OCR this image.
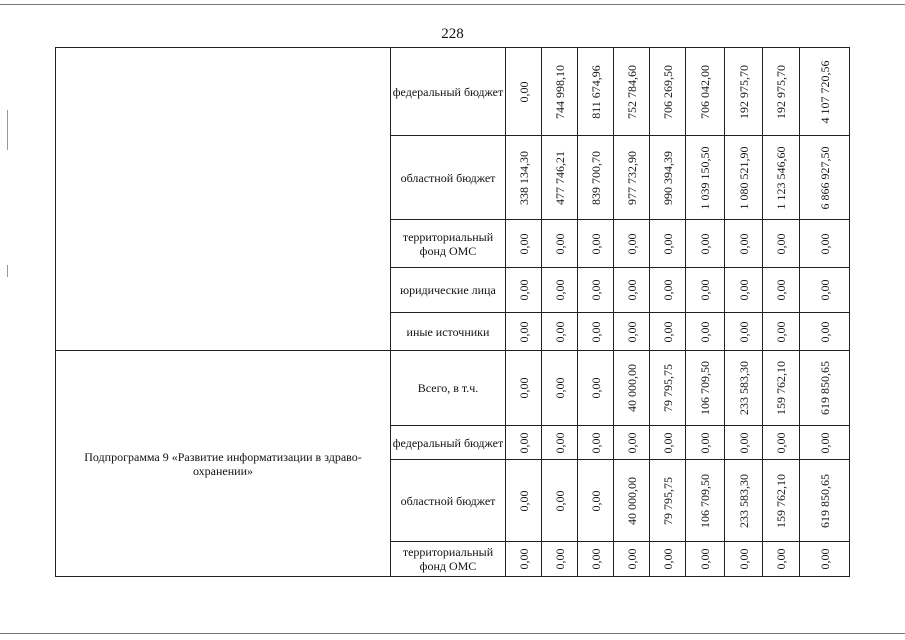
228
	федеральный бюджет	0,00	744 998,10	811 674,96	752 784,60	706 269,50	706 042,00	192 975,70	192 975,70	4 107 720,56

	областной бюджет	338 134,30	477 746,21	839 700,70	977 732,90	990 394,39	1 039 150,50	1 080 521,90	1 123 546,60	6 866 927,50

	территориальный фонд ОМС	0,00	0,00	0,00	0,00	0,00	0,00	0,00	0,00	0,00

	юридические лица	0,00	0,00	0,00	0,00	0,00	0,00	0,00	0,00	0,00

	иные источники	0,00	0,00	0,00	0,00	0,00	0,00	0,00	0,00	0,00

Подпрограмма 9 «Развитие информатизации в здраво-охранении»	Всего, в т.ч.	0,00	0,00	0,00	40 000,00	79 795,75	106 709,50	233 583,30	159 762,10	619 850,65

	федеральный бюджет	0,00	0,00	0,00	0,00	0,00	0,00	0,00	0,00	0,00

	областной бюджет	0,00	0,00	0,00	40 000,00	79 795,75	106 709,50	233 583,30	159 762,10	619 850,65

	территориальный фонд ОМС	0,00	0,00	0,00	0,00	0,00	0,00	0,00	0,00	0,00
